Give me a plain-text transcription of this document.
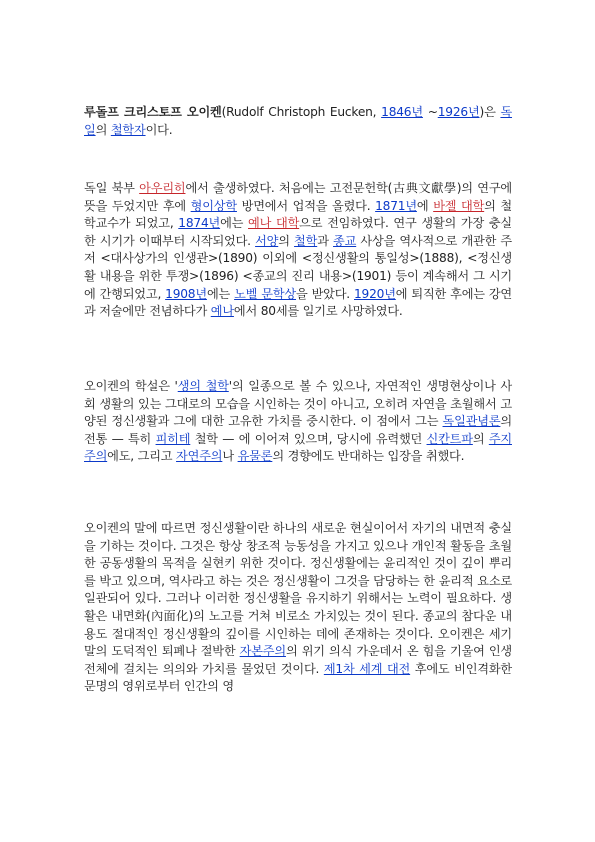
루돌프 크리스토프 오이켄(Rudolf Christoph Eucken, 1846년 ~1926년)은 독일의 철학자이다.
독일 북부 아우리히에서 출생하였다. 처음에는 고전문헌학(古典文獻學)의 연구에 뜻을 두었지만 후에 형이상학 방면에서 업적을 올렸다. 1871년에 바젤 대학의 철학교수가 되었고, 1874년에는 예나 대학으로 전임하였다. 연구 생활의 가장 충실한 시기가 이때부터 시작되었다. 서양의 철학과 종교 사상을 역사적으로 개관한 주저 <대사상가의 인생관>(1890) 이외에 <정신생활의 통일성>(1888), <정신생활 내용을 위한 투쟁>(1896) <종교의 진리 내용>(1901) 등이 계속해서 그 시기에 간행되었고, 1908년에는 노벨 문학상을 받았다. 1920년에 퇴직한 후에는 강연과 저술에만 전념하다가 예나에서 80세를 일기로 사망하였다.
오이켄의 학설은 '생의 철학'의 일종으로 볼 수 있으나, 자연적인 생명현상이나 사회 생활의 있는 그대로의 모습을 시인하는 것이 아니고, 오히려 자연을 초월해서 고양된 정신생활과 그에 대한 고유한 가치를 중시한다. 이 점에서 그는 독일관념론의 전통 — 특히 피히테 철학 — 에 이어져 있으며, 당시에 유력했던 신칸트파의 주지주의에도, 그리고 자연주의나 유물론의 경향에도 반대하는 입장을 취했다.
오이켄의 말에 따르면 정신생활이란 하나의 새로운 현실이어서 자기의 내면적 충실을 기하는 것이다. 그것은 항상 창조적 능동성을 가지고 있으나 개인적 활동을 초월한 공동생활의 목적을 실현키 위한 것이다. 정신생활에는 윤리적인 것이 깊이 뿌리를 박고 있으며, 역사라고 하는 것은 정신생활이 그것을 담당하는 한 윤리적 요소로 일관되어 있다. 그러나 이러한 정신생활을 유지하기 위해서는 노력이 필요하다. 생활은 내면화(內面化)의 노고를 거쳐 비로소 가치있는 것이 된다. 종교의 참다운 내용도 절대적인 정신생활의 깊이를 시인하는 데에 존재하는 것이다. 오이켄은 세기말의 도덕적인 퇴폐나 절박한 자본주의의 위기 의식 가운데서 온 힘을 기울여 인생 전체에 걸치는 의의와 가치를 물었던 것이다. 제1차 세계 대전 후에도 비인격화한 문명의 영위로부터 인간의 영
